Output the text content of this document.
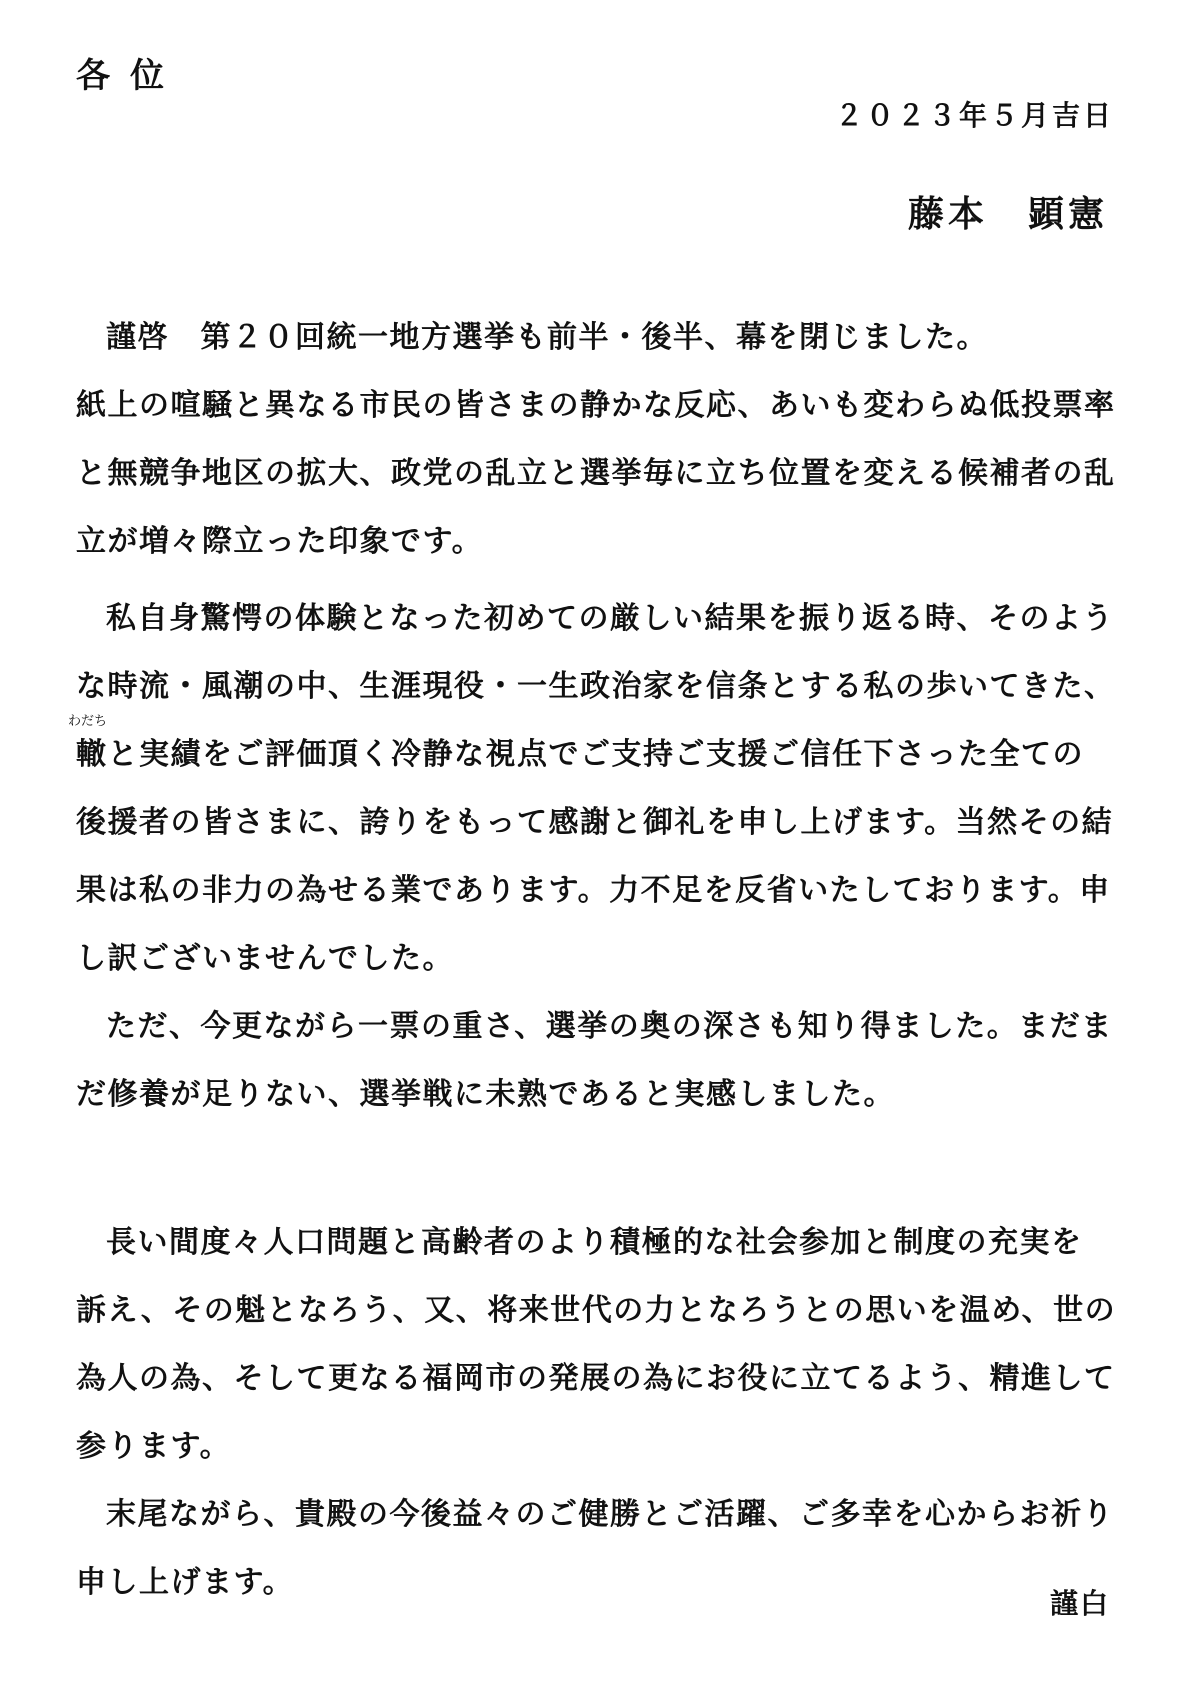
各位
２０２３年５月吉日
藤本　顕憲
謹啓　第２０回統一地方選挙も前半・後半、幕を閉じました。
紙上の喧騒と異なる市民の皆さまの静かな反応、あいも変わらぬ低投票率
と無競争地区の拡大、政党の乱立と選挙毎に立ち位置を変える候補者の乱
立が増々際立った印象です。
私自身驚愕の体験となった初めての厳しい結果を振り返る時、そのよう
な時流・風潮の中、生涯現役・一生政治家を信条とする私の歩いてきた、
わだち
轍と実績をご評価頂く冷静な視点でご支持ご支援ご信任下さった全ての
後援者の皆さまに、誇りをもって感謝と御礼を申し上げます。当然その結
果は私の非力の為せる業であります。力不足を反省いたしております。申
し訳ございませんでした。
ただ、今更ながら一票の重さ、選挙の奥の深さも知り得ました。まだま
だ修養が足りない、選挙戦に未熟であると実感しました。
長い間度々人口問題と高齢者のより積極的な社会参加と制度の充実を
訴え、その魁となろう、又、将来世代の力となろうとの思いを温め、世の
為人の為、そして更なる福岡市の発展の為にお役に立てるよう、精進して
参ります。
末尾ながら、貴殿の今後益々のご健勝とご活躍、ご多幸を心からお祈り
申し上げます。
謹白
